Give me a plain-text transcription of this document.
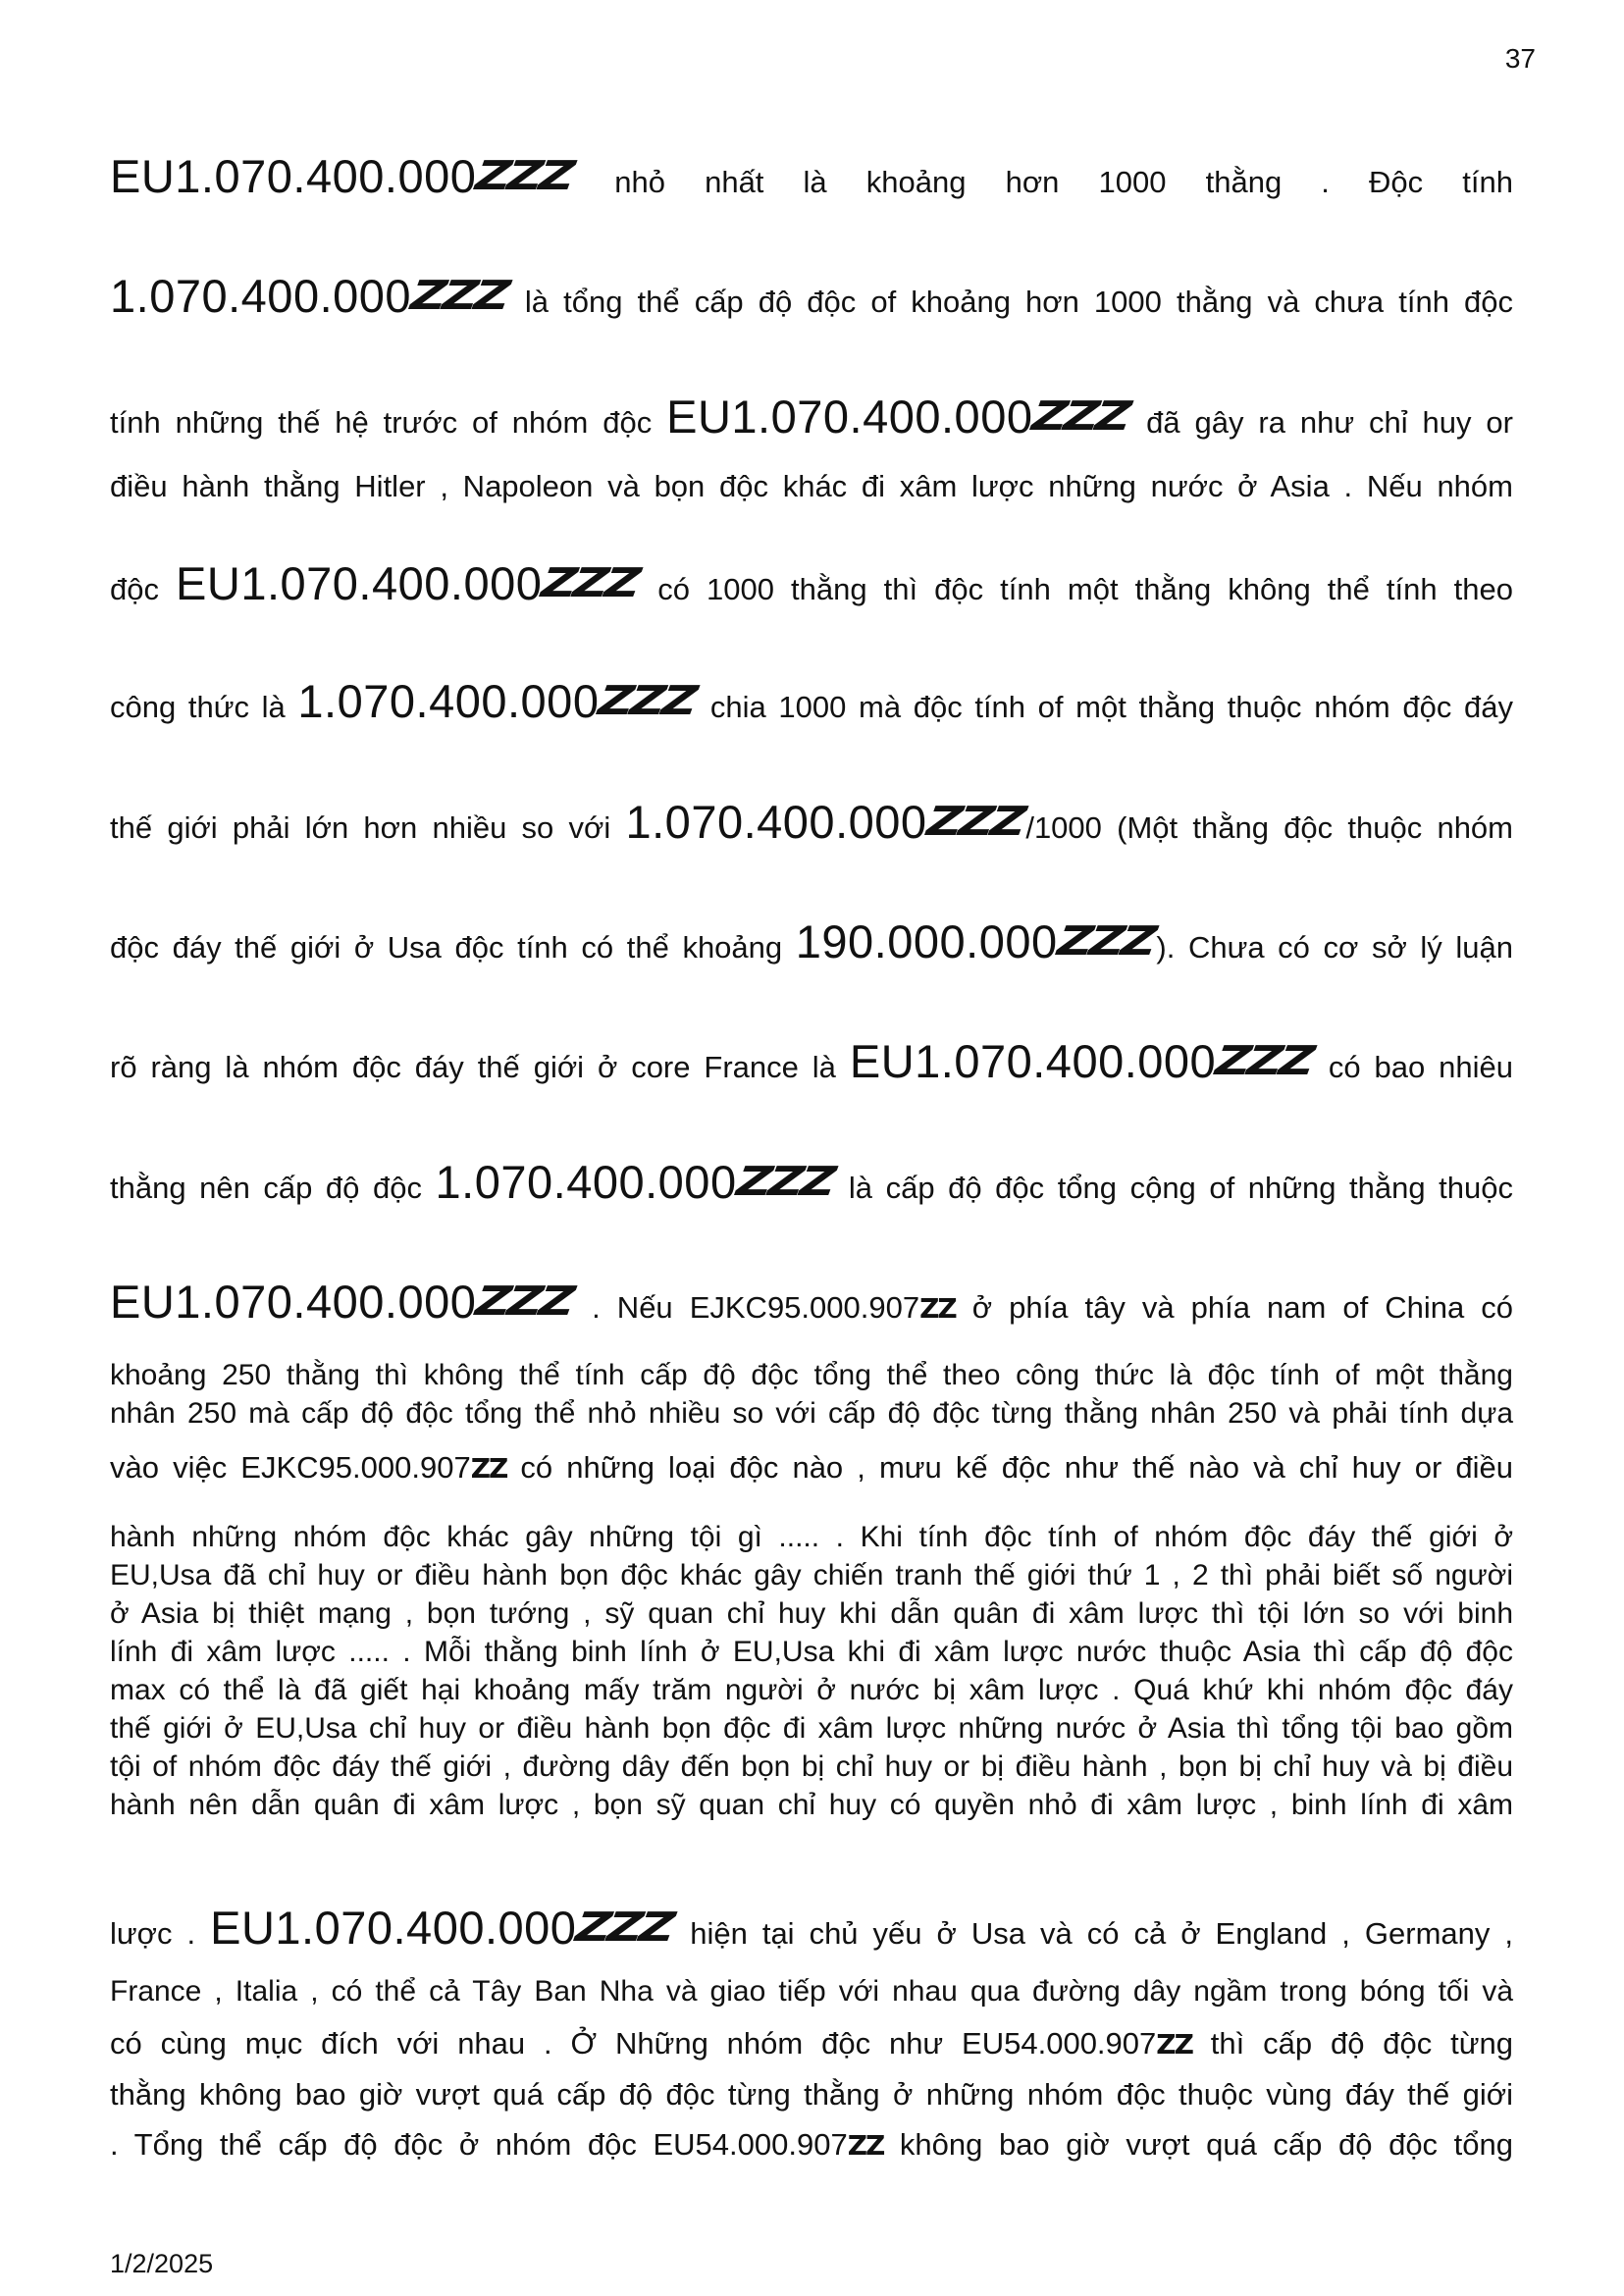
37
EU1.070.400.000ZZZ nhỏ nhất là khoảng hơn 1000 thằng . Độc tính
1.070.400.000ZZZ là tổng thể cấp độ độc of khoảng hơn 1000 thằng và chưa tính độc
tính những thế hệ trước of nhóm độc EU1.070.400.000ZZZ đã gây ra như chỉ huy or
điều hành thằng Hitler , Napoleon và bọn độc khác đi xâm lược những nước ở Asia . Nếu nhóm
độc EU1.070.400.000ZZZ có 1000 thằng thì độc tính một thằng không thể tính theo
công thức là 1.070.400.000ZZZ chia 1000 mà độc tính of một thằng thuộc nhóm độc đáy
thế giới phải lớn hơn nhiều so với 1.070.400.000ZZZ/1000 (Một thằng độc thuộc nhóm
độc đáy thế giới ở Usa độc tính có thể khoảng 190.000.000ZZZ). Chưa có cơ sở lý luận
rõ ràng là nhóm độc đáy thế giới ở core France là EU1.070.400.000ZZZ có bao nhiêu
thằng nên cấp độ độc 1.070.400.000ZZZ là cấp độ độc tổng cộng of những thằng thuộc
EU1.070.400.000ZZZ . Nếu EJKC95.000.907ZZ ở phía tây và phía nam of China có
khoảng 250 thằng thì không thể tính cấp độ độc tổng thể theo công thức là độc tính of một thằng
nhân 250 mà cấp độ độc tổng thể nhỏ nhiều so với cấp độ độc từng thằng nhân 250 và phải tính dựa
vào việc EJKC95.000.907ZZ có những loại độc nào , mưu kế độc như thế nào và chỉ huy or điều
hành những nhóm độc khác gây những tội gì ..... . Khi tính độc tính of nhóm độc đáy thế giới ở
EU,Usa đã chỉ huy or điều hành bọn độc khác gây chiến tranh thế giới thứ 1 , 2 thì phải biết số người
ở Asia bị thiệt mạng , bọn tướng , sỹ quan chỉ huy khi dẫn quân đi xâm lược thì tội lớn so với binh
lính đi xâm lược ..... . Mỗi thằng binh lính ở EU,Usa khi đi xâm lược nước thuộc Asia thì cấp độ độc
max có thể là đã giết hại khoảng mấy trăm người ở nước bị xâm lược . Quá khứ khi nhóm độc đáy
thế giới ở EU,Usa chỉ huy or điều hành bọn độc đi xâm lược những nước ở Asia thì tổng tội bao gồm
tội of nhóm độc đáy thế giới , đường dây đến bọn bị chỉ huy or bị điều hành , bọn bị chỉ huy và bị điều
hành nên dẫn quân đi xâm lược , bọn sỹ quan chỉ huy có quyền nhỏ đi xâm lược , binh lính đi xâm
lược . EU1.070.400.000ZZZ hiện tại chủ yếu ở Usa và có cả ở England , Germany ,
France , Italia , có thể cả Tây Ban Nha và giao tiếp với nhau qua đường dây ngầm trong bóng tối và
có cùng mục đích với nhau . Ở Những nhóm độc như EU54.000.907ZZ thì cấp độ độc từng
thằng không bao giờ vượt quá cấp độ độc từng thằng ở những nhóm độc thuộc vùng đáy thế giới
. Tổng thể cấp độ độc ở nhóm độc EU54.000.907ZZ không bao giờ vượt quá cấp độ độc tổng
1/2/2025
